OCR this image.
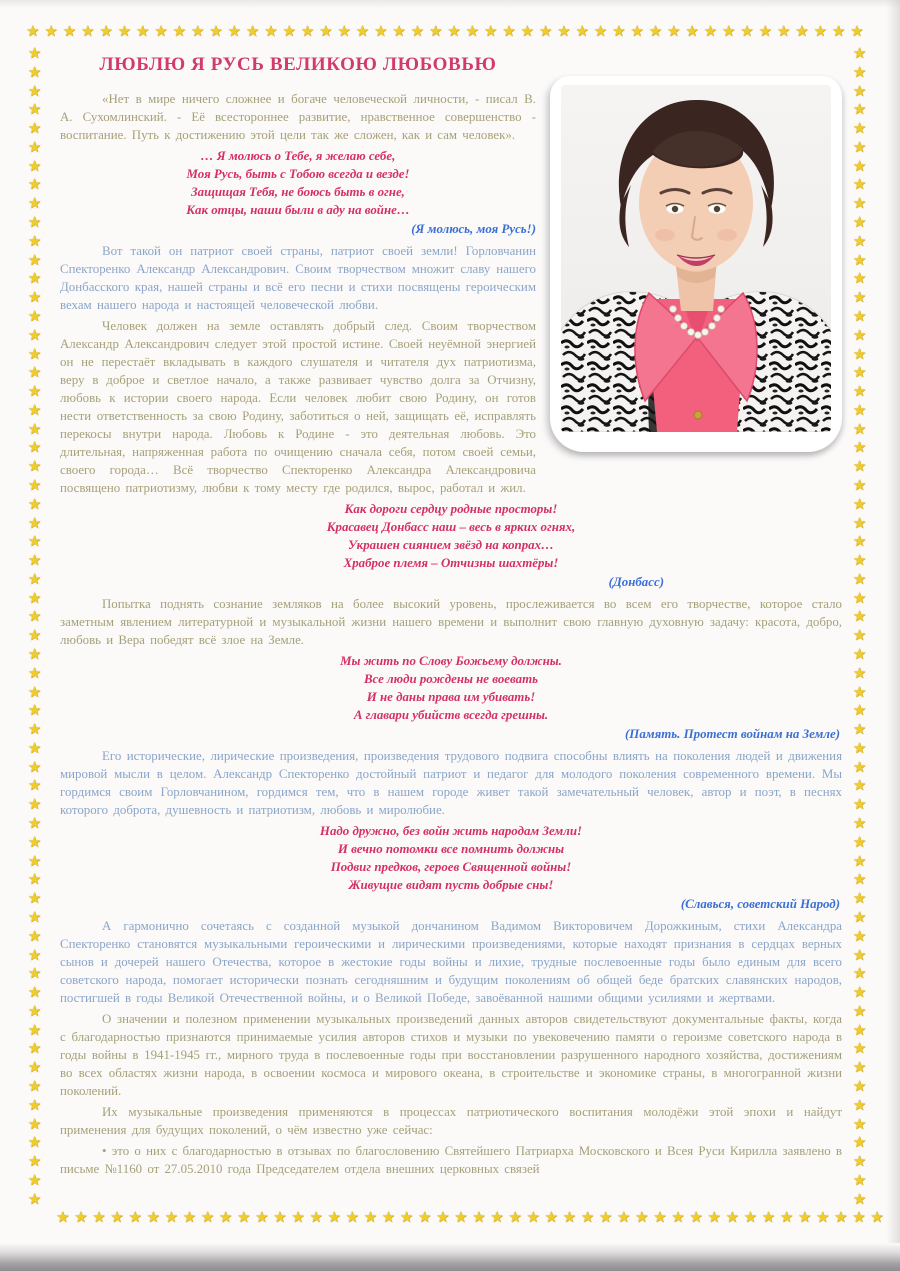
★ ★ ★ ★ ★ ★ ★ ★ ★ ★ ★ ★ ★ ★ ★ ★ ★ ★ ★ ★ ★ ★ ★ ★ ★ ★ ★ ★ ★ ★ ★ ★ ★ ★ ★ ★ ★ ★ ★ ★ ★ ★ ★ ★ ★ ★
★
★
★
★
★
★
★
★
★
★
★
★
★
★
★
★
★
★
★
★
★
★
★
★
★
★
★
★
★
★
★
★
★
★
★
★
★
★
★
★
★
★
★
★
★
★
★
★
★
★
★
★
★
★
★
★
★
★
★
★
★
★
★
★
★
★
★
★
★
★
★
★
★
★
★
★
★
★
★
★
★
★
★
★
★
★
★
★
★
★
★
★
★
★
★
★
★
★
★
★
★
★
★
★
★
★
★
★
★
★
★
★
★
★
★
★
★
★
★
★
★
★
★
★
★ ★ ★ ★ ★ ★ ★ ★ ★ ★ ★ ★ ★ ★ ★ ★ ★ ★ ★ ★ ★ ★ ★ ★ ★ ★ ★ ★ ★ ★ ★ ★ ★ ★ ★ ★ ★ ★ ★ ★ ★ ★ ★ ★ ★ ★
ЛЮБЛЮ Я РУСЬ ВЕЛИКОЮ ЛЮБОВЬЮ

«Нет в мире ничего сложнее и богаче человеческой личности, - писал В. А. Сухомлинский. - Её всестороннее развитие, нравственное совершенство - воспитание. Путь к достижению этой цели так же сложен, как и сам человек».

… Я молюсь о Тебе, я желаю себе,
Моя Русь, быть с Тобою всегда и везде!
Защищая Тебя, не боюсь быть в огне,
Как отцы, наши были в аду на войне…
(Я молюсь, моя Русь!)

Вот такой он патриот своей страны, патриот своей земли! Горловчанин Спекторенко Александр Александрович. Своим творчеством множит славу нашего Донбасского края, нашей страны и всё его песни и стихи посвящены героическим вехам нашего народа и настоящей человеческой любви.

Человек должен на земле оставлять добрый след. Своим творчеством Александр Александрович следует этой простой истине. Своей неуёмной энергией он не перестаёт вкладывать в каждого слушателя и читателя дух патриотизма, веру в доброе и светлое начало, а также развивает чувство долга за Отчизну, любовь к истории своего народа. Если человек любит свою Родину, он готов нести ответственность за свою Родину, заботиться о ней, защищать её, исправлять перекосы внутри народа. Любовь к Родине - это деятельная любовь. Это длительная, напряженная работа по очищению сначала себя, потом своей семьи, своего города… Всё творчество Спекторенко Александра Александровича посвящено патриотизму, любви к тому месту где родился, вырос, работал и жил.

Как дороги сердцу родные просторы!
Красавец Донбасс наш – весь в ярких огнях,
Украшен сиянием звёзд на копрах…
Храброе племя – Отчизны шахтёры!
(Донбасс)

Попытка поднять сознание земляков на более высокий уровень, прослеживается во всем его творчестве, которое стало заметным явлением литературной и музыкальной жизни нашего времени и выполнит свою главную духовную задачу: красота, добро, любовь и Вера победят всё злое на Земле.

Мы жить по Слову Божьему должны.
Все люди рождены не воевать
И не даны права им убивать!
А главари убийств всегда грешны.
(Память. Протест войнам на Земле)

Его исторические, лирические произведения, произведения трудового подвига способны влиять на поколения людей и движения мировой мысли в целом. Александр Спекторенко достойный патриот и педагог для молодого поколения современного времени. Мы гордимся своим Горловчанином, гордимся тем, что в нашем городе живет такой замечательный человек, автор и поэт, в песнях которого доброта, душевность и патриотизм, любовь и миролюбие.

Надо дружно, без войн жить народам Земли!
И вечно потомки все помнить должны
Подвиг предков, героев Священной войны!
Живущие видят пусть добрые сны!
(Славься, советский Народ)

А гармонично сочетаясь с созданной музыкой дончанином Вадимом Викторовичем Дорожкиным, стихи Александра Спекторенко становятся музыкальными героическими и лирическими произведениями, которые находят признания в сердцах верных сынов и дочерей нашего Отечества, которое в жестокие годы войны и лихие, трудные послевоенные годы было единым для всего советского народа, помогает исторически познать сегодняшним и будущим поколениям об общей беде братских славянских народов, постигшей в годы Великой Отечественной войны, и о Великой Победе, завоёванной нашими общими усилиями и жертвами.

О значении и полезном применении музыкальных произведений данных авторов свидетельствуют документальные факты, когда с благодарностью признаются принимаемые усилия авторов стихов и музыки по увековечению памяти о героизме советского народа в годы войны в 1941-1945 гг., мирного труда в послевоенные годы при восстановлении разрушенного народного хозяйства, достижениям во всех областях жизни народа, в освоении космоса и мирового океана, в строительстве и экономике страны, в многогранной жизни поколений.

Их музыкальные произведения применяются в процессах патриотического воспитания молодёжи этой эпохи и найдут применения для будущих поколений, о чём известно уже сейчас:

• это о них с благодарностью в отзывах по благословению Святейшего Патриарха Московского и Всея Руси Кирилла заявлено в письме №1160 от 27.05.2010 года Председателем отдела внешних церковных связей
